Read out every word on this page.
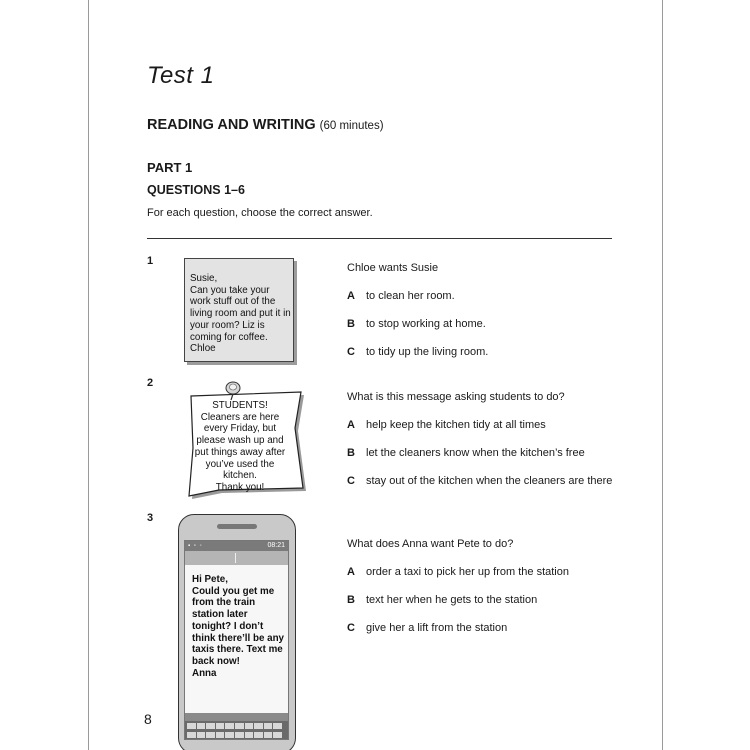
Test 1
READING AND WRITING (60 minutes)
PART 1
QUESTIONS 1–6
For each question, choose the correct answer.
1
Susie,
Can you take your work stuff out of the living room and put it in your room? Liz is coming for coffee.
Chloe
Chloe wants Susie
A to clean her room.
B to stop working at home.
C to tidy up the living room.
2
STUDENTS!
Cleaners are here every Friday, but please wash up and put things away after you’ve used the kitchen.
Thank you!
What is this message asking students to do?
A help keep the kitchen tidy at all times
B let the cleaners know when the kitchen’s free
C stay out of the kitchen when the cleaners are there
3
▪ ▫ ◦	08:21
Hi Pete,
Could you get me from the train station later tonight? I don’t think there’ll be any taxis there. Text me back now!
Anna
What does Anna want Pete to do?
A order a taxi to pick her up from the station
B text her when he gets to the station
C give her a lift from the station
8
